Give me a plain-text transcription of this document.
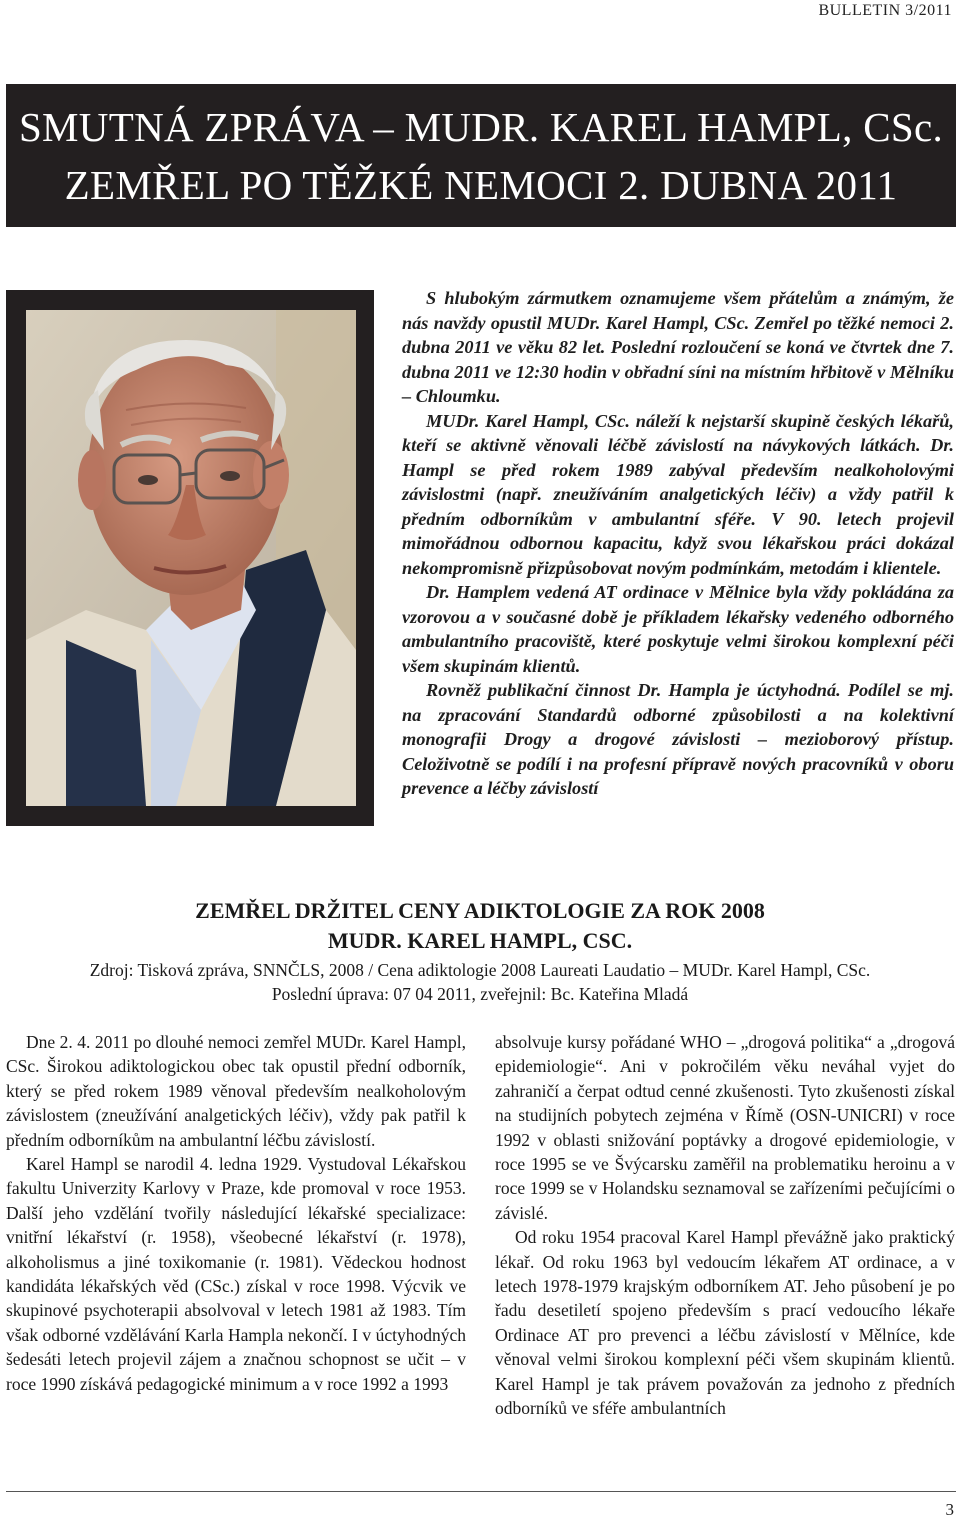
BULLETIN 3/2011
SMUTNÁ ZPRÁVA – MUDR. KAREL HAMPL, CSc.
ZEMŘEL PO TĚŽKÉ NEMOCI 2. DUBNA 2011

S hlubokým zármutkem oznamujeme všem přátelům a známým, že nás navždy opustil MUDr. Karel Hampl, CSc. Zemřel po těžké nemoci 2. dubna 2011 ve věku 82 let. Poslední rozloučení se koná ve čtvrtek dne 7. dubna 2011 ve 12:30 hodin v obřadní síni na místním hřbitově v Mělníku – Chloumku.

MUDr. Karel Hampl, CSc. náleží k nejstarší skupině českých lékařů, kteří se aktivně věnovali léčbě závislostí na návykových látkách. Dr. Hampl se před rokem 1989 zabýval především nealkoholovými závislostmi (např. zneužíváním analgetických léčiv) a vždy patřil k předním odborníkům v ambulantní sféře. V 90. letech projevil mimořádnou odbornou kapacitu, když svou lékařskou práci dokázal nekompromisně přizpůsobovat novým podmínkám, metodám i klientele.

Dr. Hamplem vedená AT ordinace v Mělnice byla vždy pokládána za vzorovou a v současné době je příkladem lékařsky vedeného odborného ambulantního pracoviště, které poskytuje velmi širokou komplexní péči všem skupinám klientů.

Rovněž publikační činnost Dr. Hampla je úctyhodná. Podílel se mj. na zpracování Standardů odborné způsobilosti a na kolektivní monografii Drogy a drogové závislosti – mezioborový přístup. Celoživotně se podílí i na profesní přípravě nových pracovníků v oboru prevence a léčby závislostí

ZEMŘEL DRŽITEL CENY ADIKTOLOGIE ZA ROK 2008
MUDR. KAREL HAMPL, CSC.
Zdroj: Tisková zpráva, SNNČLS, 2008 / Cena adiktologie 2008 Laureati Laudatio – MUDr. Karel Hampl, CSc.
Poslední úprava: 07 04 2011, zveřejnil: Bc. Kateřina Mladá

Dne 2. 4. 2011 po dlouhé nemoci zemřel MUDr. Karel Hampl, CSc. Širokou adiktologickou obec tak opustil přední odborník, který se před rokem 1989 věnoval především nealkoholovým závislostem (zneužívání analgetických léčiv), vždy pak patřil k předním odborníkům na ambulantní léčbu závislostí.

Karel Hampl se narodil 4. ledna 1929. Vystudoval Lékařskou fakultu Univerzity Karlovy v Praze, kde promoval v roce 1953. Další jeho vzdělání tvořily následující lékařské specializace: vnitřní lékařství (r. 1958), všeobecné lékařství (r. 1978), alkoholismus a jiné toxikomanie (r. 1981). Vědeckou hodnost kandidáta lékařských věd (CSc.) získal v roce 1998. Výcvik ve skupinové psychoterapii absolvoval v letech 1981 až 1983. Tím však odborné vzdělávání Karla Hampla nekončí. I v úctyhodných šedesáti letech projevil zájem a značnou schopnost se učit – v roce 1990 získává pedagogické minimum a v roce 1992 a 1993

absolvuje kursy pořádané WHO – „drogová politika“ a „drogová epidemiologie“. Ani v pokročilém věku neváhal vyjet do zahraničí a čerpat odtud cenné zkušenosti. Tyto zkušenosti získal na studijních pobytech zejména v Římě (OSN-UNICRI) v roce 1992 v oblasti snižování poptávky a drogové epidemiologie, v roce 1995 se ve Švýcarsku zaměřil na problematiku heroinu a v roce 1999 se v Holandsku seznamoval se zařízeními pečujícími o závislé.

Od roku 1954 pracoval Karel Hampl převážně jako praktický lékař. Od roku 1963 byl vedoucím lékařem AT ordinace, a v letech 1978-1979 krajským odborníkem AT. Jeho působení je po řadu desetiletí spojeno především s prací vedoucího lékaře Ordinace AT pro prevenci a léčbu závislostí v Mělníce, kde věnoval velmi širokou komplexní péči všem skupinám klientů. Karel Hampl je tak právem považován za jednoho z předních odborníků ve sféře ambulantních

3
